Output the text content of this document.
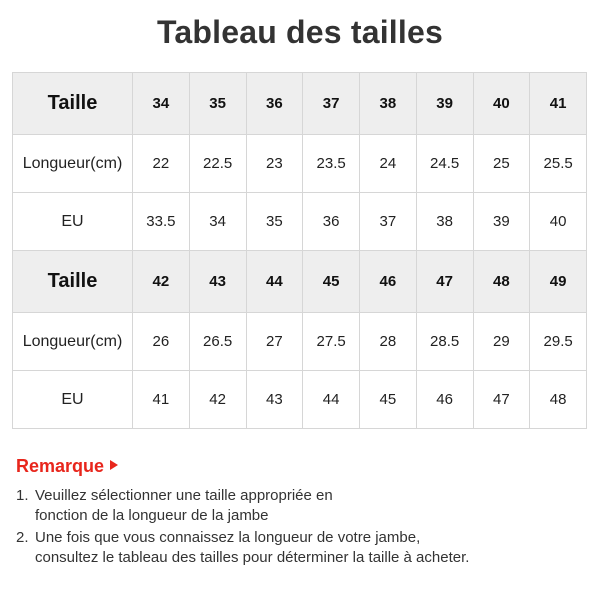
Tableau des tailles
Taille	34	35	36	37	38	39	40	41
Longueur(cm)	22	22.5	23	23.5	24	24.5	25	25.5
EU	33.5	34	35	36	37	38	39	40
Taille	42	43	44	45	46	47	48	49
Longueur(cm)	26	26.5	27	27.5	28	28.5	29	29.5
EU	41	42	43	44	45	46	47	48
Remarque
1. Veuillez sélectionner une taille appropriée en
fonction de la longueur de la jambe
2. Une fois que vous connaissez la longueur de votre jambe,
consultez le tableau des tailles pour déterminer la taille à acheter.
